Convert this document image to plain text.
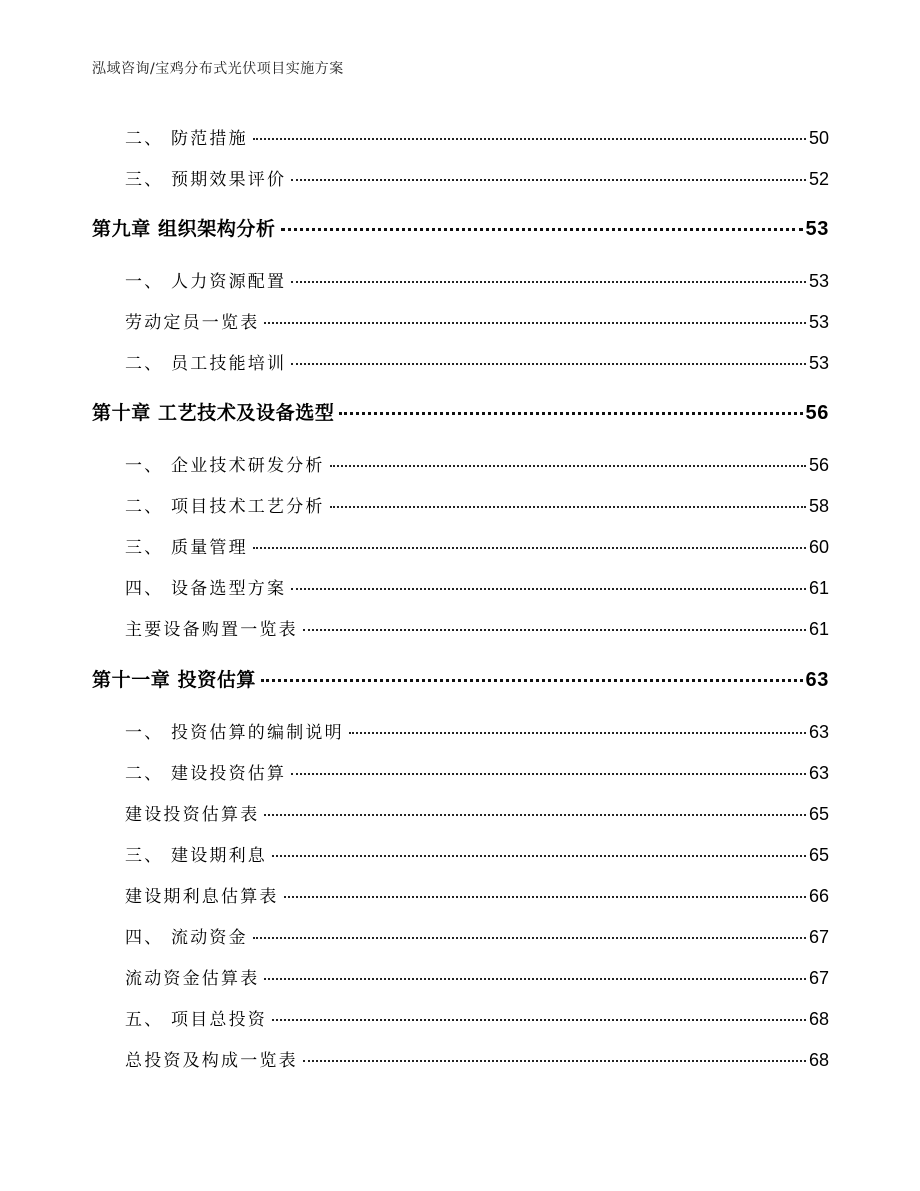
泓域咨询/宝鸡分布式光伏项目实施方案
二、 防范措施	50
三、 预期效果评价	52
第九章 组织架构分析	53
一、 人力资源配置	53
劳动定员一览表	53
二、 员工技能培训	53
第十章 工艺技术及设备选型	56
一、 企业技术研发分析	56
二、 项目技术工艺分析	58
三、 质量管理	60
四、 设备选型方案	61
主要设备购置一览表	61
第十一章 投资估算	63
一、 投资估算的编制说明	63
二、 建设投资估算	63
建设投资估算表	65
三、 建设期利息	65
建设期利息估算表	66
四、 流动资金	67
流动资金估算表	67
五、 项目总投资	68
总投资及构成一览表	68
